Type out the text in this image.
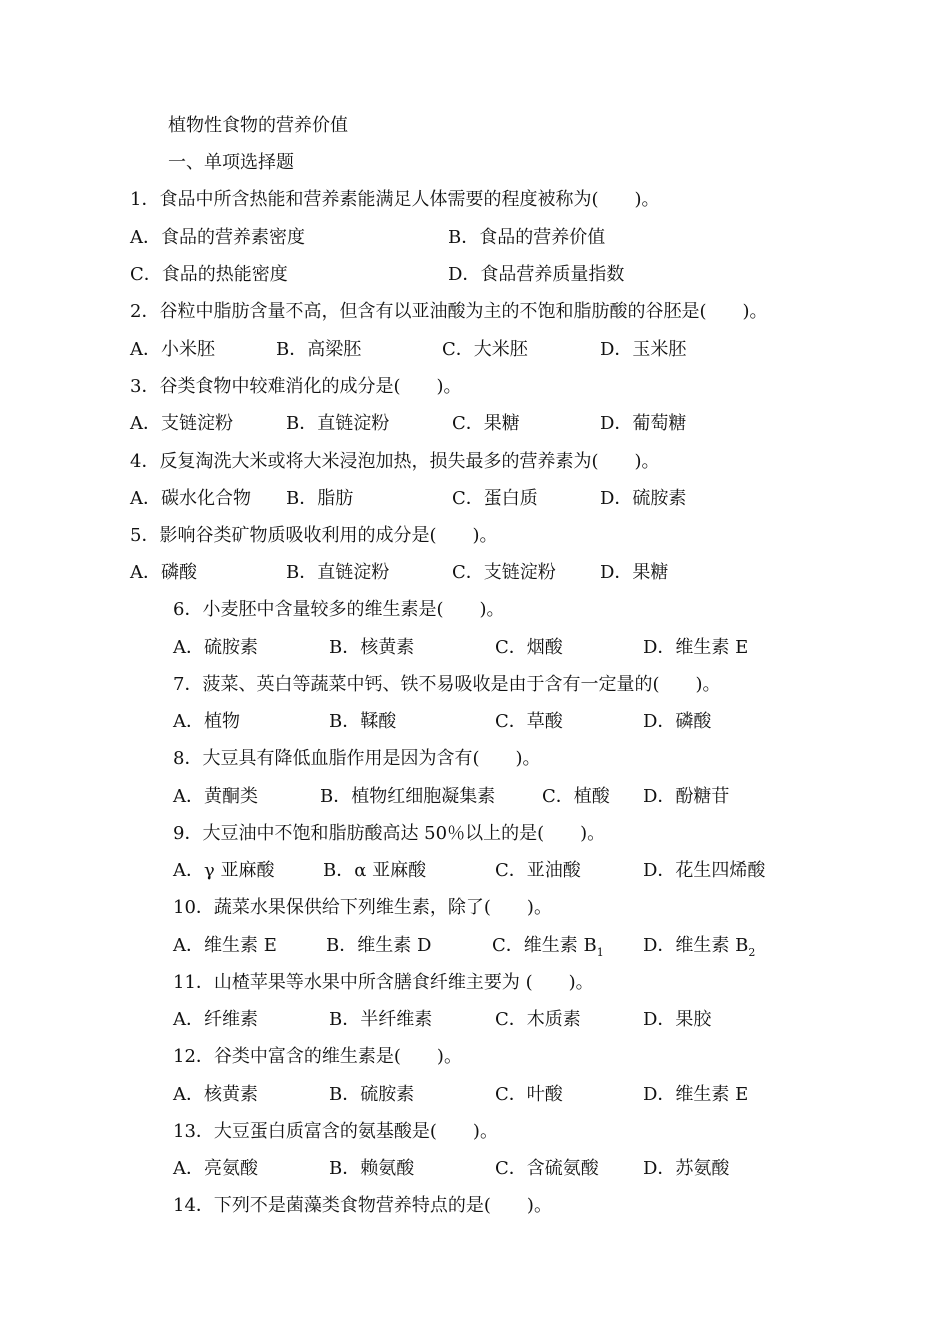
植物性食物的营养价值
一、单项选择题
1．食品中所含热能和营养素能满足人体需要的程度被称为(　　)。
A．食品的营养素密度	B．食品的营养价值
C．食品的热能密度	D．食品营养质量指数
2．谷粒中脂肪含量不高，但含有以亚油酸为主的不饱和脂肪酸的谷胚是(　　)。
A．小米胚	B．高梁胚	C．大米胚	D．玉米胚
3．谷类食物中较难消化的成分是(　　)。
A．支链淀粉	B．直链淀粉	C．果糖	D．葡萄糖
4．反复淘洗大米或将大米浸泡加热，损失最多的营养素为(　　)。
A．碳水化合物 B．脂肪	C．蛋白质	D．硫胺素
5．影响谷类矿物质吸收利用的成分是(　　)。
A．磷酸	B．直链淀粉	C．支链淀粉 D．果糖
6．小麦胚中含量较多的维生素是(　　)。
A．硫胺素	B．核黄素	C．烟酸	D．维生素 E
7．菠菜、英白等蔬菜中钙、铁不易吸收是由于含有一定量的(　　)。
A．植物	B．鞣酸	C．草酸	D．磷酸
8．大豆具有降低血脂作用是因为含有(　　)。
A．黄酮类	B．植物红细胞凝集素	C．植酸 D．酚糖苷
9．大豆油中不饱和脂肪酸高达 50％以上的是(　　)。
A．γ 亚麻酸	B．α 亚麻酸	C．亚油酸	D．花生四烯酸
10．蔬菜水果保供给下列维生素，除了(　　)。
A．维生素 E	B．维生素 D	C．维生素 $B_1$ D．维生素 $B_2$
11．山楂苹果等水果中所含膳食纤维主要为 (　　)。
A．纤维素	B．半纤维素	C．木质素	D．果胶
12．谷类中富含的维生素是(　　)。
A．核黄素	B．硫胺素	C．叶酸	D．维生素 E
13．大豆蛋白质富含的氨基酸是(　　)。
A．亮氨酸	B．赖氨酸	C．含硫氨酸 D．苏氨酸
14．下列不是菌藻类食物营养特点的是(　　)。
